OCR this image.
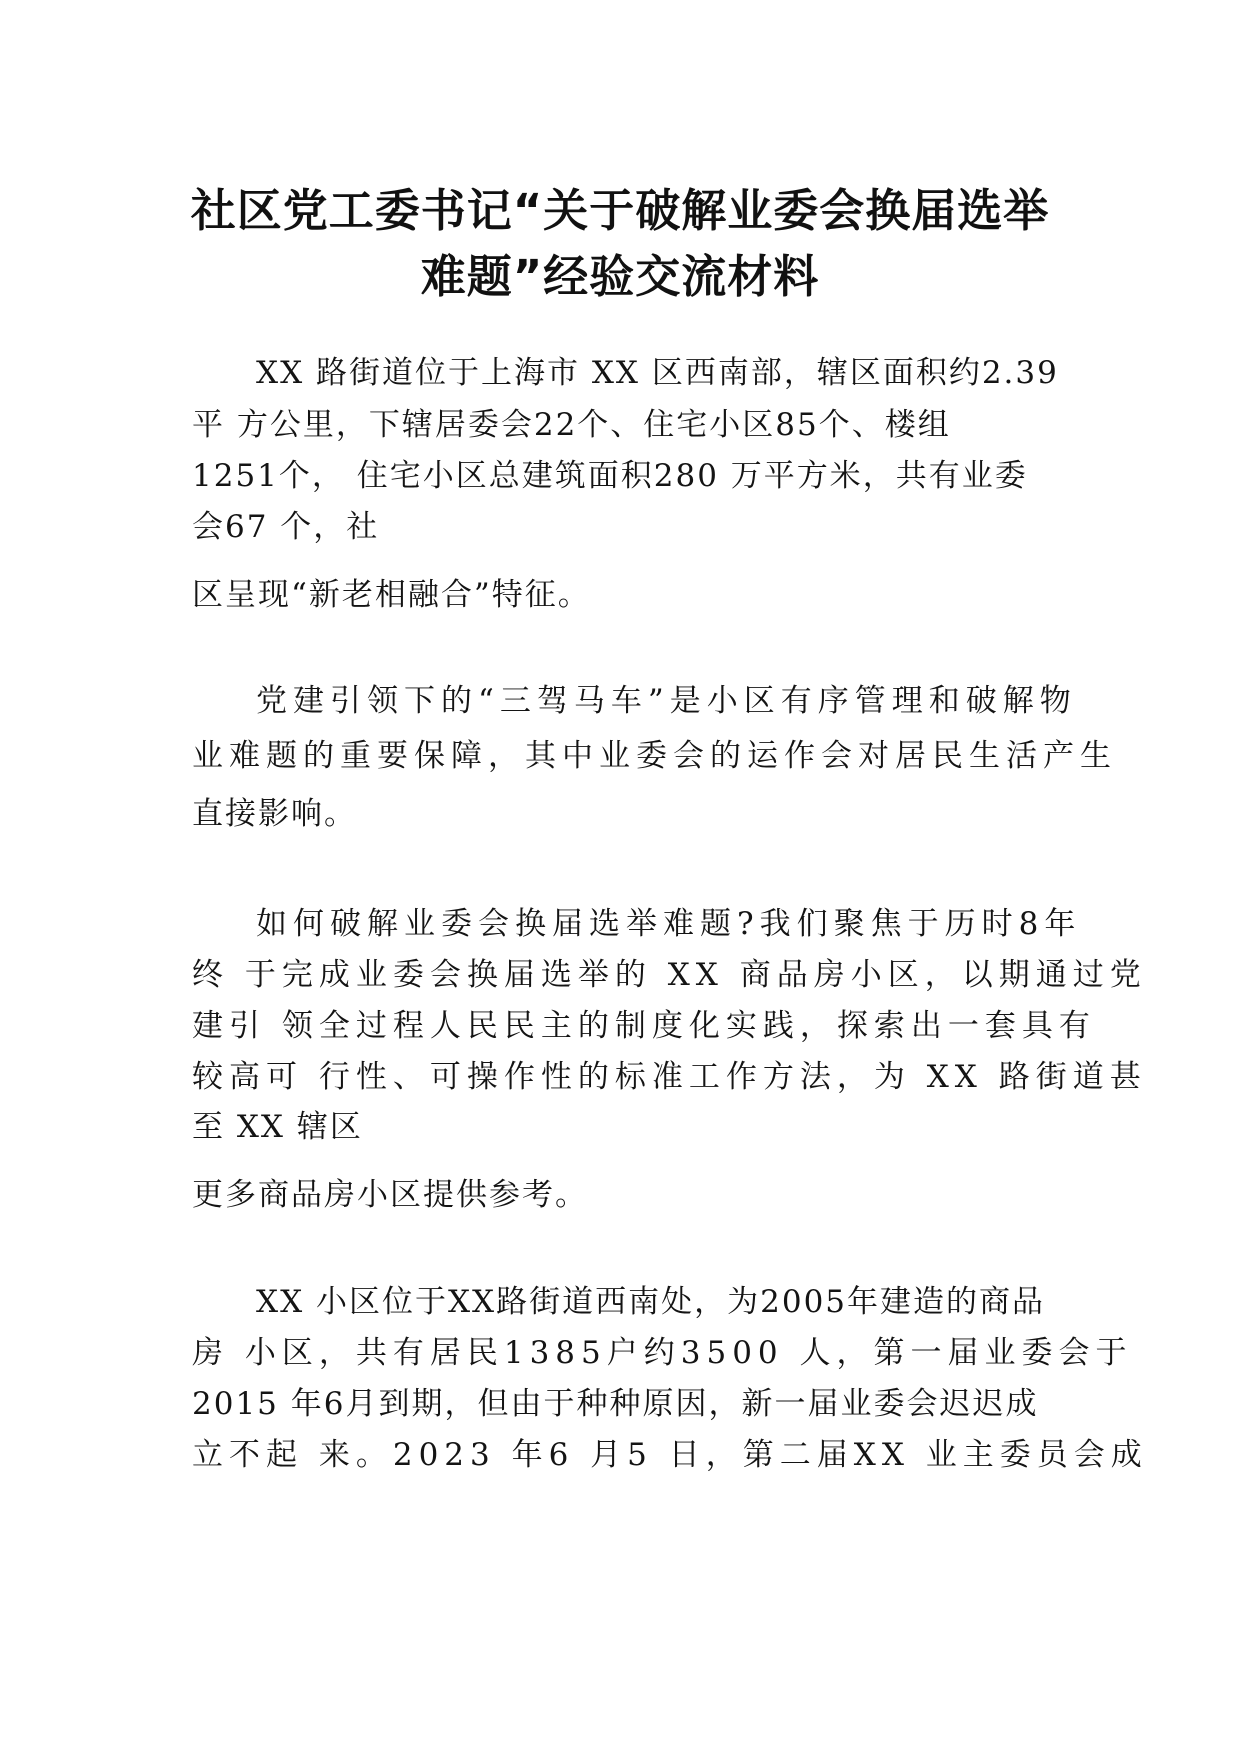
社区党工委书记“关于破解业委会换届选举
难题”经验交流材料

XX 路街道位于上海市 XX 区西南部，辖区面积约2.39

平 方公里，下辖居委会22个、住宅小区85个、楼组

1251个， 住宅小区总建筑面积280 万平方米，共有业委

会67 个，社

区呈现“新老相融合”特征。

党建引领下的“三驾马车”是小区有序管理和破解物

业难题的重要保障，其中业委会的运作会对居民生活产生

直接影响。

如何破解业委会换届选举难题?我们聚焦于历时8年

终 于完成业委会换届选举的 XX 商品房小区，以期通过党

建引 领全过程人民民主的制度化实践，探索出一套具有

较高可 行性、可操作性的标准工作方法，为 XX 路街道甚

至 XX 辖区

更多商品房小区提供参考。

XX 小区位于XX路街道西南处，为2005年建造的商品

房 小区，共有居民1385户约3500 人，第一届业委会于

2015 年6月到期，但由于种种原因，新一届业委会迟迟成

立不起 来。2023 年6 月5 日，第二届XX 业主委员会成
